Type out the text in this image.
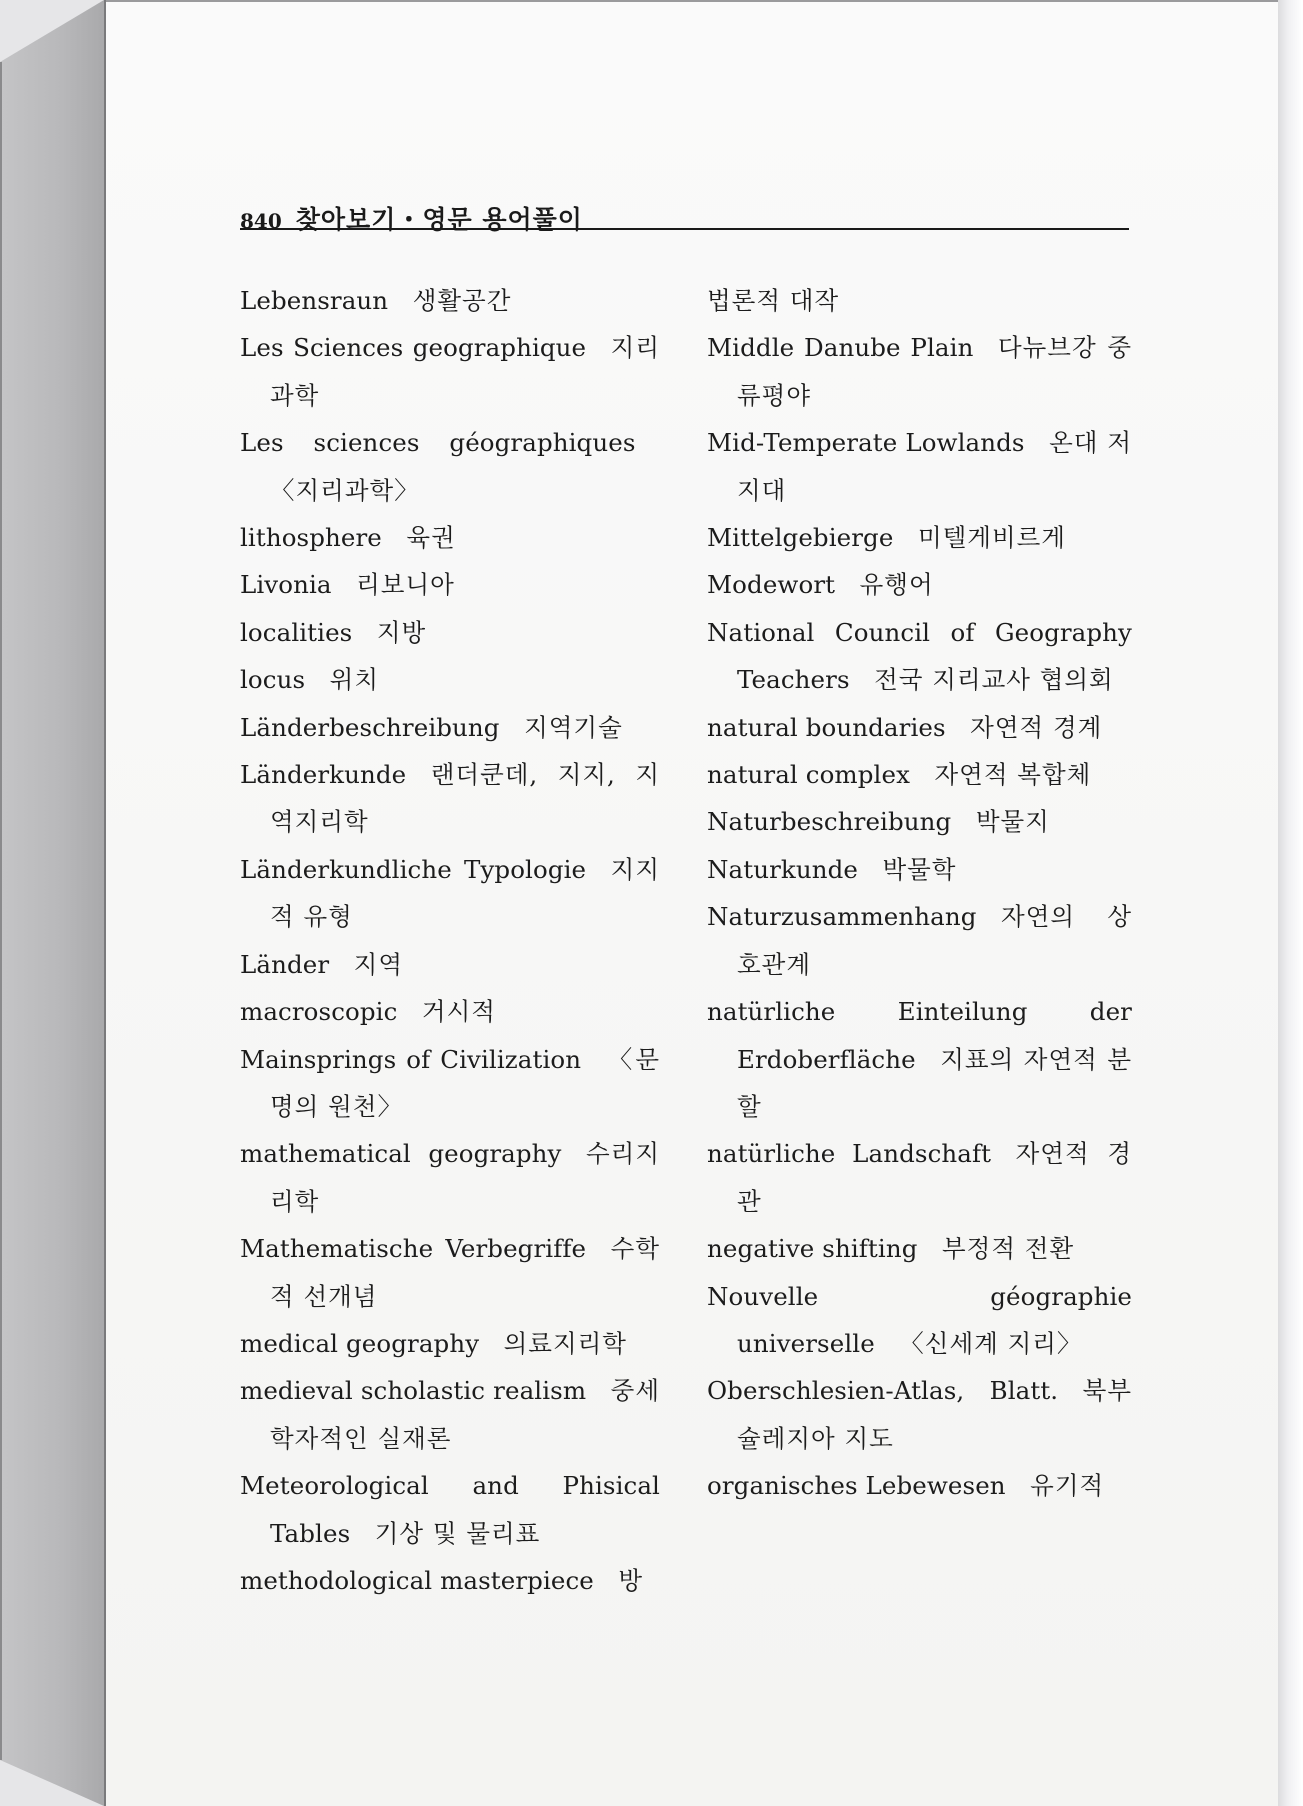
840 찾아보기・영문 용어풀이
Lebensraun   생활공간
Les Sciences geographique   지리과학
Les sciences géographiques  〈지리과학〉
lithosphere   육권
Livonia   리보니아
localities   지방
locus   위치
Länderbeschreibung   지역기술
Länderkunde   랜더쿤데, 지지, 지역지리학
Länderkundliche Typologie   지지적 유형
Länder   지역
macroscopic   거시적
Mainsprings of Civilization   〈문명의 원천〉
mathematical geography   수리지리학
Mathematische Verbegriffe   수학적 선개념
medical geography   의료지리학
medieval scholastic realism   중세학자적인 실재론
Meteorological and Phisical Tables   기상 및 물리표
methodological masterpiece   방
법론적 대작
Middle Danube Plain   다뉴브강 중류평야
Mid-Temperate Lowlands   온대 저지대
Mittelgebierge   미텔게비르게
Modewort   유행어
National Council of Geography Teachers   전국 지리교사 협의회
natural boundaries   자연적 경계
natural complex   자연적 복합체
Naturbeschreibung   박물지
Naturkunde   박물학
Naturzusammenhang   자연의 상호관계
natürliche Einteilung der Erdoberfläche   지표의 자연적 분할
natürliche Landschaft   자연적 경관
negative shifting   부정적 전환
Nouvelle géographie universelle   〈신세계 지리〉
Oberschlesien-Atlas, Blatt.   북부 슐레지아 지도
organisches Lebewesen   유기적
